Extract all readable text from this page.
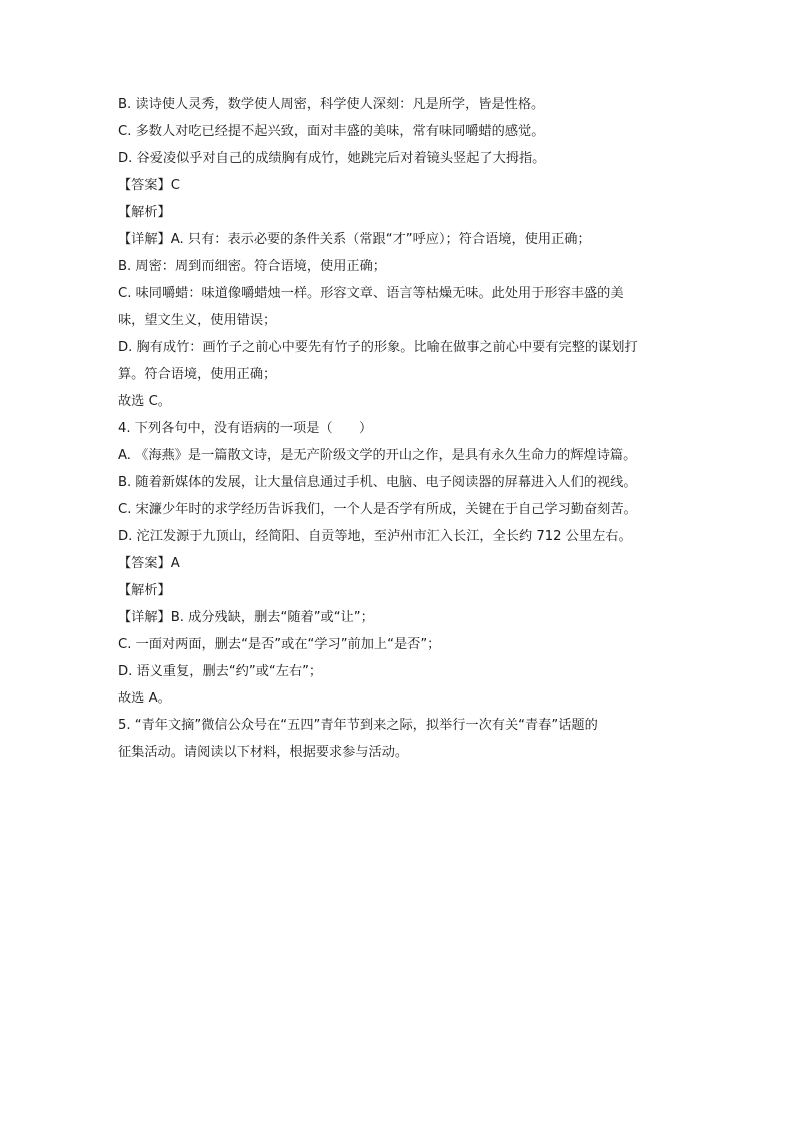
B. 读诗使人灵秀，数学使人周密，科学使人深刻：凡是所学，皆是性格。
C. 多数人对吃已经提不起兴致，面对丰盛的美味，常有味同嚼蜡的感觉。
D. 谷爱凌似乎对自己的成绩胸有成竹，她跳完后对着镜头竖起了大拇指。
【答案】C
【解析】
【详解】A. 只有：表示必要的条件关系（常跟“才”呼应）；符合语境，使用正确；
B. 周密：周到而细密。符合语境，使用正确；
C. 味同嚼蜡：味道像嚼蜡烛一样。形容文章、语言等枯燥无味。此处用于形容丰盛的美
味，望文生义，使用错误；
D. 胸有成竹：画竹子之前心中要先有竹子的形象。比喻在做事之前心中要有完整的谋划打
算。符合语境，使用正确；
故选 C。
4. 下列各句中，没有语病的一项是（　　）
A. 《海燕》是一篇散文诗，是无产阶级文学的开山之作，是具有永久生命力的辉煌诗篇。
B. 随着新媒体的发展，让大量信息通过手机、电脑、电子阅读器的屏幕进入人们的视线。
C. 宋濂少年时的求学经历告诉我们，一个人是否学有所成，关键在于自己学习勤奋刻苦。
D. 沱江发源于九顶山，经简阳、自贡等地，至泸州市汇入长江，全长约 712 公里左右。
【答案】A
【解析】
【详解】B. 成分残缺，删去“随着”或“让”；
C. 一面对两面，删去“是否”或在“学习”前加上“是否”；
D. 语义重复，删去“约”或“左右”；
故选 A。
5. “青年文摘”微信公众号在“五四”青年节到来之际，拟举行一次有关“青春”话题的
征集活动。请阅读以下材料，根据要求参与活动。
